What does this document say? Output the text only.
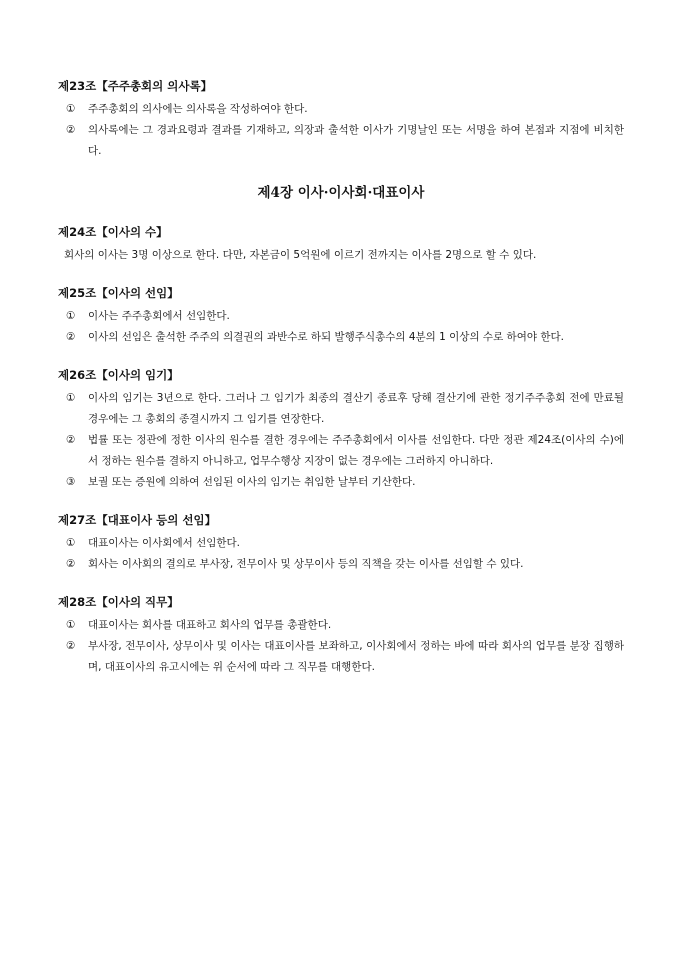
제23조【주주총회의 의사록】
①	주주총회의 의사에는 의사록을 작성하여야 한다.
②	의사록에는 그 경과요령과 결과를 기재하고, 의장과 출석한 이사가 기명날인 또는 서명을 하여 본점과 지점에 비치한다.
제4장 이사·이사회·대표이사
제24조【이사의 수】

회사의 이사는 3명 이상으로 한다. 다만, 자본금이 5억원에 이르기 전까지는 이사를 2명으로 할 수 있다.

제25조【이사의 선임】
①	이사는 주주총회에서 선임한다.
②	이사의 선임은 출석한 주주의 의결권의 과반수로 하되 발행주식총수의 4분의 1 이상의 수로 하여야 한다.
제26조【이사의 임기】
①	이사의 임기는 3년으로 한다. 그러나 그 임기가 최종의 결산기 종료후 당해 결산기에 관한 정기주주총회 전에 만료될 경우에는 그 총회의 종결시까지 그 임기를 연장한다.
②	법률 또는 정관에 정한 이사의 원수를 결한 경우에는 주주총회에서 이사를 선임한다. 다만 정관 제24조(이사의 수)에서 정하는 원수를 결하지 아니하고, 업무수행상 지장이 없는 경우에는 그러하지 아니하다.
③	보궐 또는 증원에 의하여 선임된 이사의 임기는 취임한 날부터 기산한다.
제27조【대표이사 등의 선임】
①	대표이사는 이사회에서 선임한다.
②	회사는 이사회의 결의로 부사장, 전무이사 및 상무이사 등의 직책을 갖는 이사를 선임할 수 있다.
제28조【이사의 직무】
①	대표이사는 회사를 대표하고 회사의 업무를 총괄한다.
②	부사장, 전무이사, 상무이사 및 이사는 대표이사를 보좌하고, 이사회에서 정하는 바에 따라 회사의 업무를 분장 집행하며, 대표이사의 유고시에는 위 순서에 따라 그 직무를 대행한다.
